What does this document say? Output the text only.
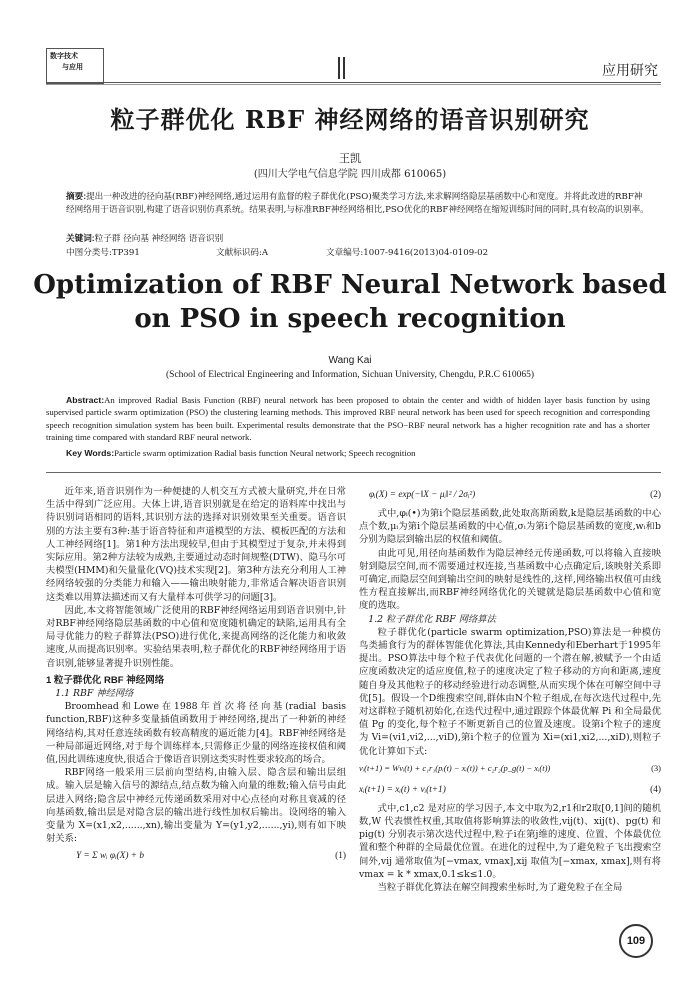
数字技术
与应用	应用研究
粒子群优化 RBF 神经网络的语音识别研究
王凯
(四川大学电气信息学院 四川成都 610065)
摘要:提出一种改进的径向基(RBF)神经网络,通过运用有监督的粒子群优化(PSO)聚类学习方法,来求解网络隐层基函数中心和宽度。并将此改进的RBF神经网络用于语音识别,构建了语音识别仿真系统。结果表明,与标准RBF神经网络相比,PSO优化的RBF神经网络在缩短训练时间的同时,具有较高的识别率。
关键词:粒子群 径向基 神经网络 语音识别
中图分类号:TP391	文献标识码:A	文章编号:1007-9416(2013)04-0109-02
Optimization of RBF Neural Network based
on PSO in speech recognition
Wang Kai
(School of Electrical Engineering and Information, Sichuan University, Chengdu, P.R.C 610065)
Abstract:An improved Radial Basis Function (RBF) neural network has been proposed to obtain the center and width of hidden layer basis function by using supervised particle swarm optimization (PSO) the clustering learning methods. This improved RBF neural network has been used for speech recognition and corresponding speech recognition simulation system has been built. Experimental results demonstrate that the PSO−RBF neural network has a higher recognition rate and has a shorter training time compared with standard RBF neural network.
Key Words:Particle swarm optimization Radial basis function Neural network; Speech recognition

近年来,语音识别作为一种便捷的人机交互方式被大量研究,并在日常生活中得到广泛应用。大体上讲,语音识别就是在给定的语料库中找出与待识别词语相同的语料,其识别方法的选择对识别效果至关重要。语音识别的方法主要有3种:基于语音特征和声道模型的方法、模板匹配的方法和人工神经网络[1]。第1种方法出现较早,但由于其模型过于复杂,并未得到实际应用。第2种方法较为成熟,主要通过动态时间规整(DTW)、隐马尔可夫模型(HMM)和矢量量化(VQ)技术实现[2]。第3种方法充分利用人工神经网络较强的分类能力和输入——输出映射能力,非常适合解决语音识别这类难以用算法描述而又有大量样本可供学习的问题[3]。

因此,本文将智能领域广泛使用的RBF神经网络运用到语音识别中,针对RBF神经网络隐层基函数的中心值和宽度随机确定的缺陷,运用具有全局寻优能力的粒子群算法(PSO)进行优化,来提高网络的泛化能力和收敛速度,从而提高识别率。实验结果表明,粒子群优化的RBF神经网络用于语音识别,能够显著提升识别性能。

1 粒子群优化 RBF 神经网络

1.1 RBF 神经网络

Broomhead和Lowe在1988年首次将径向基(radial basis function,RBF)这种多变量插值函数用于神经网络,提出了一种新的神经网络结构,其对任意连续函数有较高精度的逼近能力[4]。RBF神经网络是一种局部逼近网络,对于每个训练样本,只需修正少量的网络连接权值和阈值,因此训练速度快,很适合于像语音识别这类实时性要求较高的场合。

RBF网络一般采用三层前向型结构,由输入层、隐含层和输出层组成。输入层是输入信号的源结点,结点数为输入向量的维数;输入信号由此层进入网络;隐含层中神经元传递函数采用对中心点径向对称且衰减的径向基函数,输出层是对隐含层的输出进行线性加权后输出。设网络的输入变量为 X=(x1,x2,......,xn),输出变量为 Y=(y1,y2,......,yi),则有如下映射关系:

Y = Σ wᵢ φᵢ(X) + b	(1)
φᵢ(X) = exp(−‖X − μᵢ‖² / 2σᵢ²)	(2)

式中,φᵢ(•)为第i个隐层基函数,此处取高斯函数,k是隐层基函数的中心点个数,μᵢ为第i个隐层基函数的中心值,σᵢ为第i个隐层基函数的宽度,wᵢ和b分别为隐层到输出层的权值和阈值。

由此可见,用径向基函数作为隐层神经元传递函数,可以将输入直接映射到隐层空间,而不需要通过权连接,当基函数中心点确定后,该映射关系即可确定,而隐层空间到输出空间的映射是线性的,这样,网络输出权值可由线性方程直接解出,而RBF神经网络优化的关键就是隐层基函数中心值和宽度的选取。

1.2 粒子群优化 RBF 网络算法

粒子群优化(particle swarm optimization,PSO)算法是一种模仿鸟类捕食行为的群体智能优化算法,其由Kennedy和Eberhart于1995年提出。PSO算法中每个粒子代表优化问题的一个潜在解,被赋予一个由适应度函数决定的适应度值,粒子的速度决定了粒子移动的方向和距离,速度随自身及其他粒子的移动经验进行动态调整,从而实现个体在可解空间中寻优[5]。假设一个D维搜索空间,群体由N个粒子组成,在每次迭代过程中,先对这群粒子随机初始化,在迭代过程中,通过跟踪个体最优解 Pi 和全局最优值 Pg 的变化,每个粒子不断更新自己的位置及速度。设第i个粒子的速度为 Vi=(vi1,vi2,...,viD),第i个粒子的位置为 Xi=(xi1,xi2,...,xiD),则粒子优化计算如下式:

vᵢ(t+1) = Wvᵢ(t) + c₁r₁(pᵢ(t) − xᵢ(t)) + c₂r₂(p_g(t) − xᵢ(t))	(3)
xᵢ(t+1) = xᵢ(t) + vᵢ(t+1)	(4)

式中,c1,c2 是对应的学习因子,本文中取为2,r1和r2取[0,1]间的随机数,W 代表惯性权重,其取值将影响算法的收敛性,vij(t)、xij(t)、pg(t) 和 pig(t) 分别表示第次迭代过程中,粒子i在第j维的速度、位置、个体最优位置和整个种群的全局最优位置。在进化的过程中,为了避免粒子飞出搜索空间外,vij 通常取值为[−vmax, vmax],xij 取值为[−xmax, xmax],则有将 vmax = k * xmax,0.1≤k≤1.0。

当粒子群优化算法在解空间搜索坐标时,为了避免粒子在全局

109
